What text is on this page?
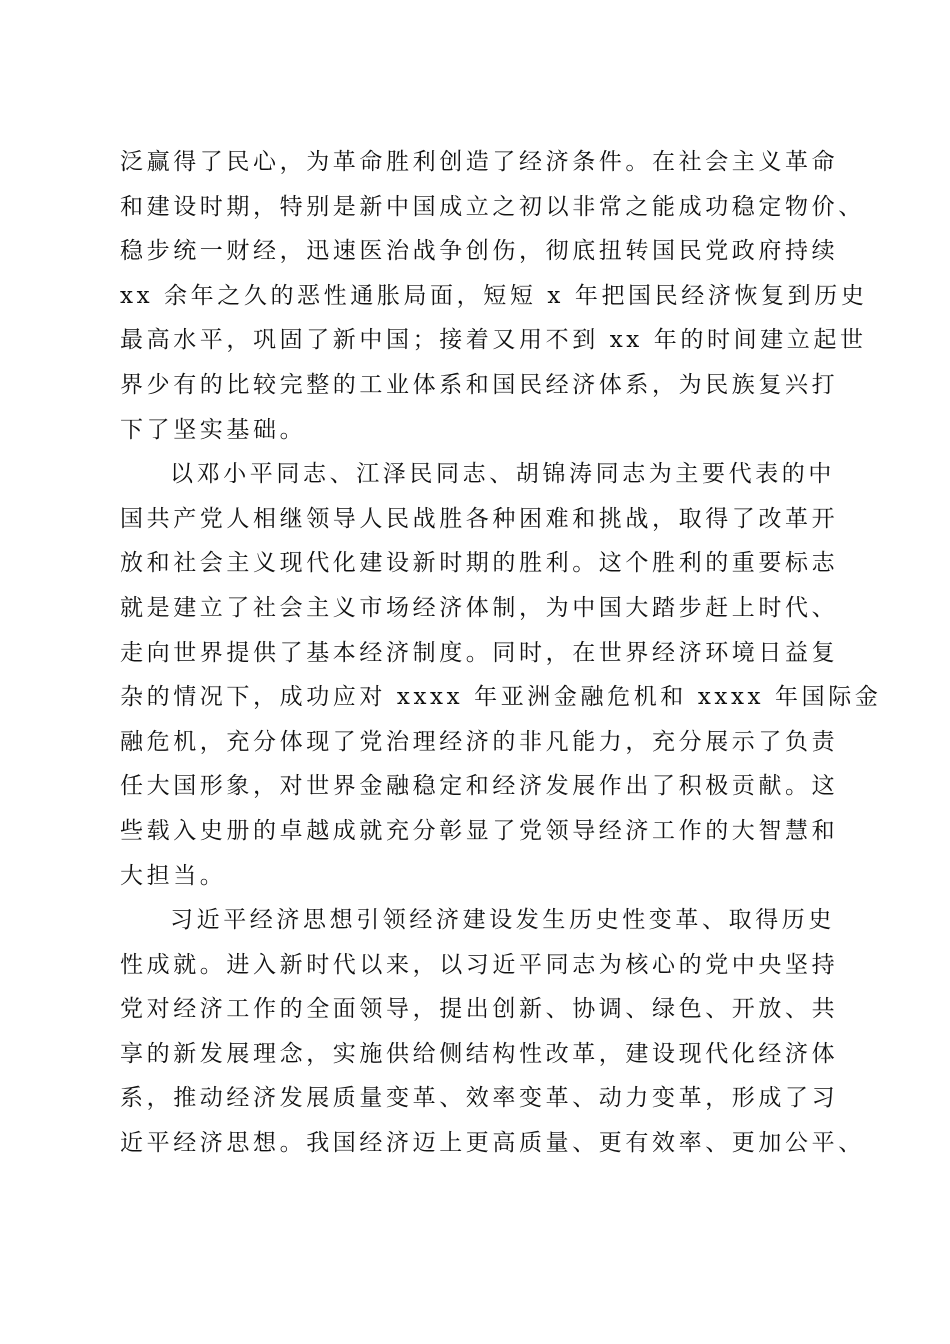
泛赢得了民心，为革命胜利创造了经济条件。在社会主义革命
和建设时期，特别是新中国成立之初以非常之能成功稳定物价、
稳步统一财经，迅速医治战争创伤，彻底扭转国民党政府持续
xx 余年之久的恶性通胀局面，短短 x 年把国民经济恢复到历史
最高水平，巩固了新中国；接着又用不到 xx 年的时间建立起世
界少有的比较完整的工业体系和国民经济体系，为民族复兴打
下了坚实基础。
以邓小平同志、江泽民同志、胡锦涛同志为主要代表的中
国共产党人相继领导人民战胜各种困难和挑战，取得了改革开
放和社会主义现代化建设新时期的胜利。这个胜利的重要标志
就是建立了社会主义市场经济体制，为中国大踏步赶上时代、
走向世界提供了基本经济制度。同时，在世界经济环境日益复
杂的情况下，成功应对 xxxx 年亚洲金融危机和 xxxx 年国际金
融危机，充分体现了党治理经济的非凡能力，充分展示了负责
任大国形象，对世界金融稳定和经济发展作出了积极贡献。这
些载入史册的卓越成就充分彰显了党领导经济工作的大智慧和
大担当。
习近平经济思想引领经济建设发生历史性变革、取得历史
性成就。进入新时代以来，以习近平同志为核心的党中央坚持
党对经济工作的全面领导，提出创新、协调、绿色、开放、共
享的新发展理念，实施供给侧结构性改革，建设现代化经济体
系，推动经济发展质量变革、效率变革、动力变革，形成了习
近平经济思想。我国经济迈上更高质量、更有效率、更加公平、
